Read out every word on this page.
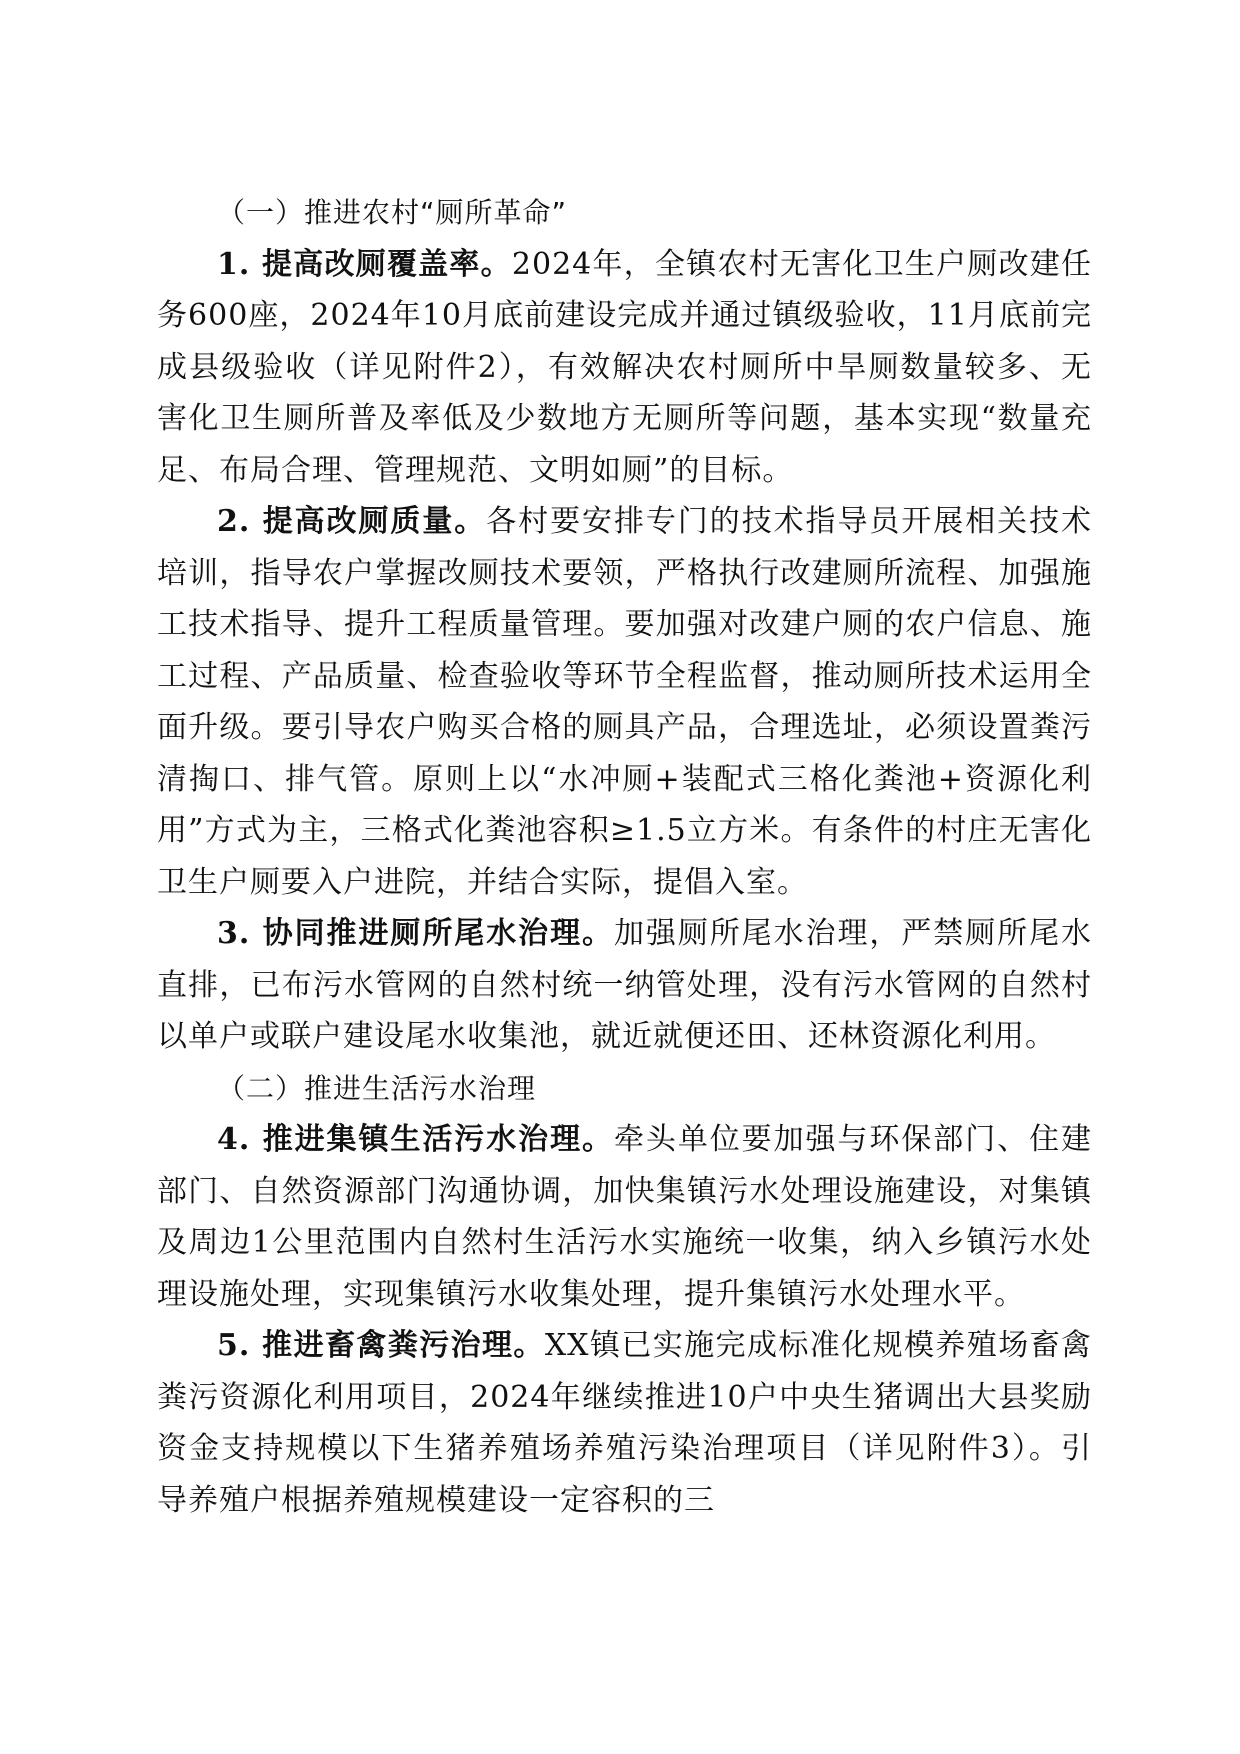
（一）推进农村“厕所革命”

1. 提高改厕覆盖率。2024年，全镇农村无害化卫生户厕改建任务600座，2024年10月底前建设完成并通过镇级验收，11月底前完成县级验收（详见附件2），有效解决农村厕所中旱厕数量较多、无害化卫生厕所普及率低及少数地方无厕所等问题，基本实现“数量充足、布局合理、管理规范、文明如厕”的目标。

2. 提高改厕质量。各村要安排专门的技术指导员开展相关技术培训，指导农户掌握改厕技术要领，严格执行改建厕所流程、加强施工技术指导、提升工程质量管理。要加强对改建户厕的农户信息、施工过程、产品质量、检查验收等环节全程监督，推动厕所技术运用全面升级。要引导农户购买合格的厕具产品，合理选址，必须设置粪污清掏口、排气管。原则上以“水冲厕+装配式三格化粪池+资源化利用”方式为主，三格式化粪池容积≥1.5立方米。有条件的村庄无害化卫生户厕要入户进院，并结合实际，提倡入室。

3. 协同推进厕所尾水治理。加强厕所尾水治理，严禁厕所尾水直排，已布污水管网的自然村统一纳管处理，没有污水管网的自然村以单户或联户建设尾水收集池，就近就便还田、还林资源化利用。

（二）推进生活污水治理

4. 推进集镇生活污水治理。牵头单位要加强与环保部门、住建部门、自然资源部门沟通协调，加快集镇污水处理设施建设，对集镇及周边1公里范围内自然村生活污水实施统一收集，纳入乡镇污水处理设施处理，实现集镇污水收集处理，提升集镇污水处理水平。

5. 推进畜禽粪污治理。XX镇已实施完成标准化规模养殖场畜禽粪污资源化利用项目，2024年继续推进10户中央生猪调出大县奖励资金支持规模以下生猪养殖场养殖污染治理项目（详见附件3）。引导养殖户根据养殖规模建设一定容积的三
